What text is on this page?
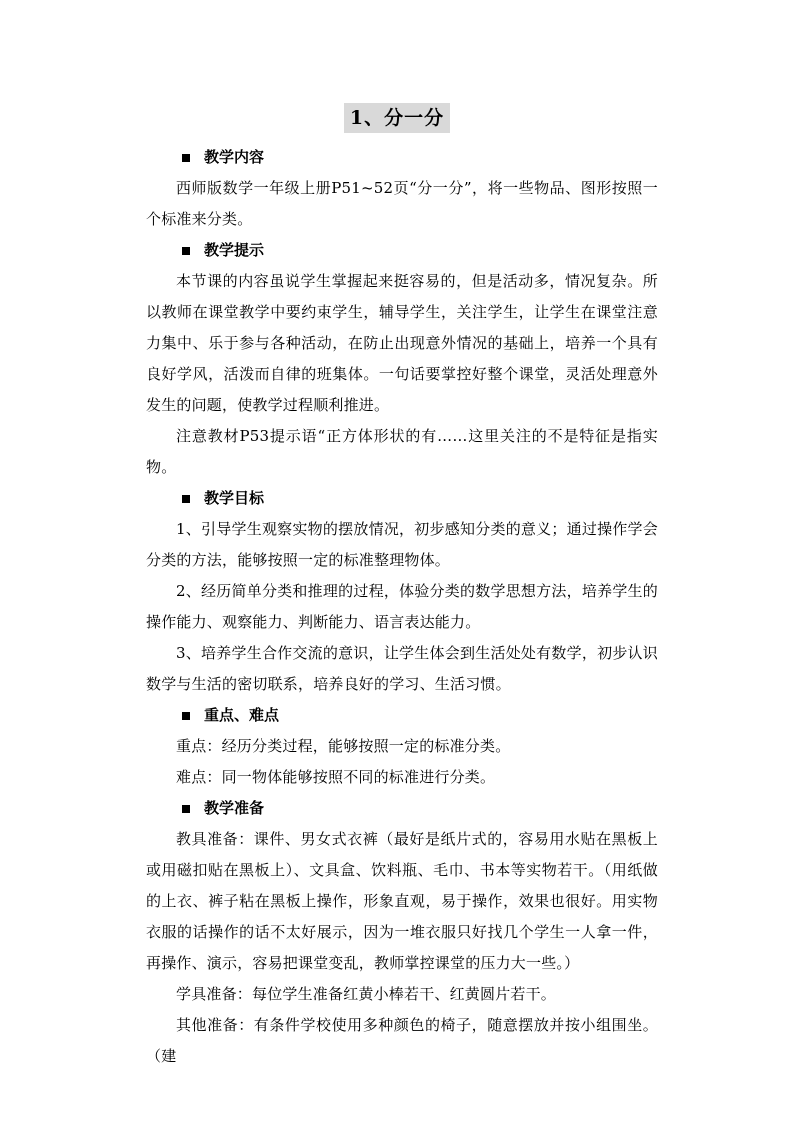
1、分一分
教学内容

西师版数学一年级上册P51~52页“分一分”，将一些物品、图形按照一个标准来分类。

教学提示

本节课的内容虽说学生掌握起来挺容易的，但是活动多，情况复杂。所以教师在课堂教学中要约束学生，辅导学生，关注学生，让学生在课堂注意力集中、乐于参与各种活动，在防止出现意外情况的基础上，培养一个具有良好学风，活泼而自律的班集体。一句话要掌控好整个课堂，灵活处理意外发生的问题，使教学过程顺利推进。

注意教材P53提示语“正方体形状的有……这里关注的不是特征是指实物。

教学目标

1、引导学生观察实物的摆放情况，初步感知分类的意义；通过操作学会分类的方法，能够按照一定的标准整理物体。

2、经历简单分类和推理的过程，体验分类的数学思想方法，培养学生的操作能力、观察能力、判断能力、语言表达能力。

3、培养学生合作交流的意识，让学生体会到生活处处有数学，初步认识数学与生活的密切联系，培养良好的学习、生活习惯。

重点、难点

重点：经历分类过程，能够按照一定的标准分类。

难点：同一物体能够按照不同的标准进行分类。

教学准备

教具准备：课件、男女式衣裤（最好是纸片式的，容易用水贴在黑板上或用磁扣贴在黑板上）、文具盒、饮料瓶、毛巾、书本等实物若干。（用纸做的上衣、裤子粘在黑板上操作，形象直观，易于操作，效果也很好。用实物衣服的话操作的话不太好展示，因为一堆衣服只好找几个学生一人拿一件，再操作、演示，容易把课堂变乱，教师掌控课堂的压力大一些。）

学具准备：每位学生准备红黄小棒若干、红黄圆片若干。

其他准备：有条件学校使用多种颜色的椅子，随意摆放并按小组围坐。（建
